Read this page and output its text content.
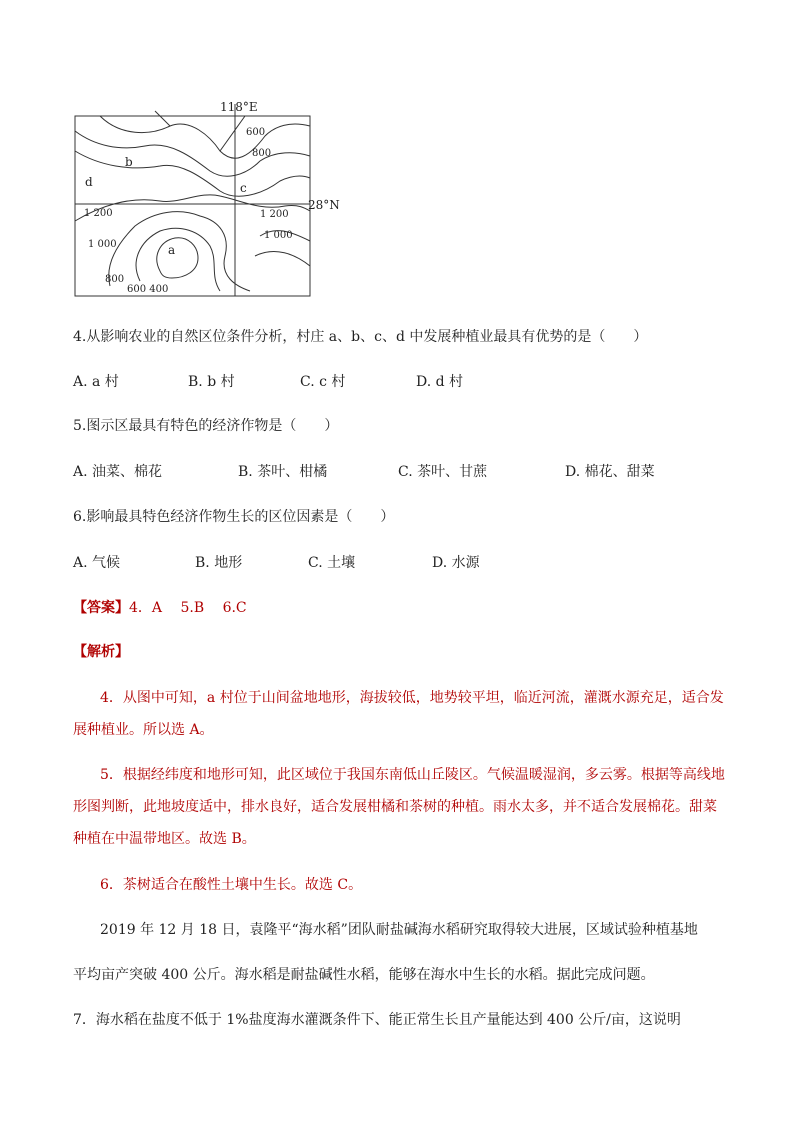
118°E
28°N
600
800
1 200
1 000
800
600 400
1 200
1 000
a
b
c
d
4.从影响农业的自然区位条件分析，村庄 a、b、c、d 中发展种植业最具有优势的是（　　）
A. a 村	B. b 村	C. c 村	D. d 村
5.图示区最具有特色的经济作物是（　　）
A. 油菜、棉花	B. 茶叶、柑橘	C. 茶叶、甘蔗	D. 棉花、甜菜
6.影响最具特色经济作物生长的区位因素是（　　）
A. 气候	B. 地形	C. 土壤	D. 水源
【答案】4．A　 5.B　 6.C
【解析】
4．从图中可知，a 村位于山间盆地地形，海拔较低，地势较平坦，临近河流，灌溉水源充足，适合发
展种植业。所以选 A。
5．根据经纬度和地形可知，此区域位于我国东南低山丘陵区。气候温暖湿润，多云雾。根据等高线地
形图判断，此地坡度适中，排水良好，适合发展柑橘和茶树的种植。雨水太多，并不适合发展棉花。甜菜
种植在中温带地区。故选 B。
6．茶树适合在酸性土壤中生长。故选 C。
2019 年 12 月 18 日，袁隆平“海水稻”团队耐盐碱海水稻研究取得较大进展，区域试验种植基地
平均亩产突破 400 公斤。海水稻是耐盐碱性水稻，能够在海水中生长的水稻。据此完成问题。
7．海水稻在盐度不低于 1%盐度海水灌溉条件下、能正常生长且产量能达到 400 公斤/亩，这说明
